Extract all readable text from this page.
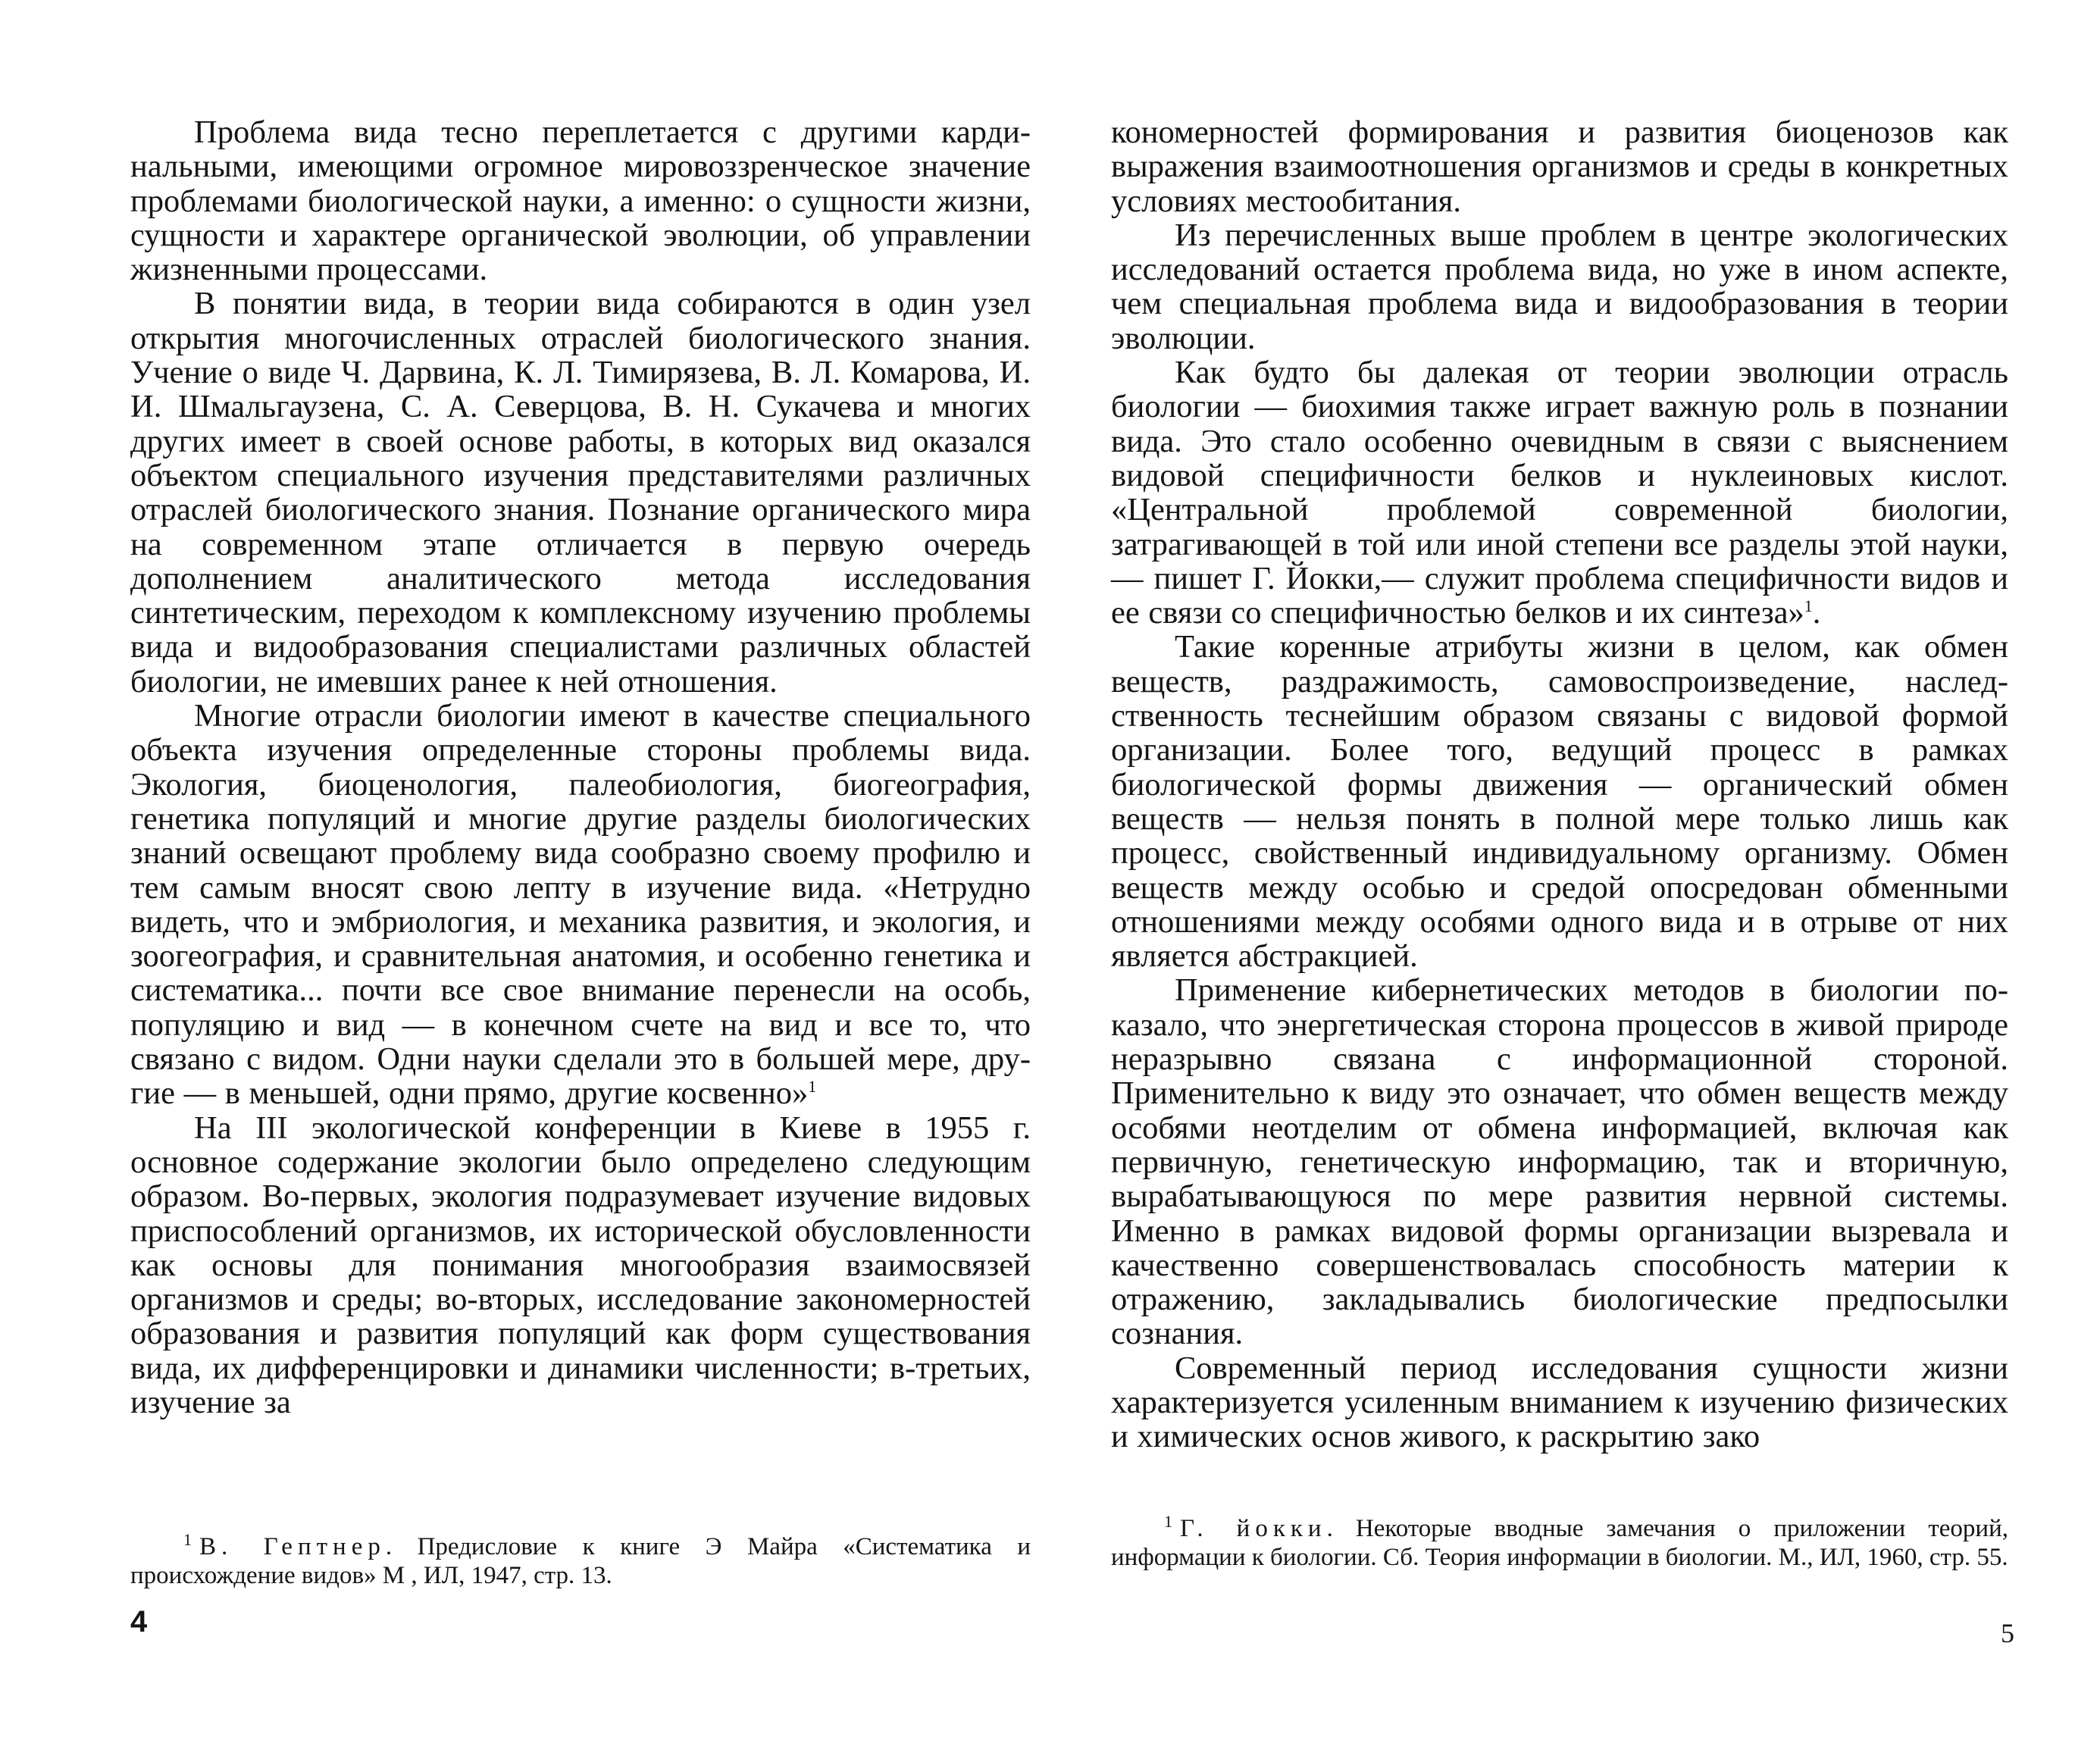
Проблема вида тесно переплетается с другими кардинальными, имеющими огромное мировоззренческое значение проблемами биологической науки, а именно: о сущности жизни, сущности и характере органической эволюции, об управлении жизненными процессами.

В понятии вида, в теории вида собираются в один узел открытия многочисленных отраслей биологического знания. Учение о виде Ч. Дарвина, К. Л. Тимирязева, В. Л. Комарова, И. И. Шмальгаузена, С. А. Северцова, В. Н. Сукачева и многих других имеет в своей основе работы, в которых вид оказался объектом специального изучения представителями различных отраслей биологического знания. Познание органического мира на современном этапе отличается в первую очередь дополнением аналитического метода исследования синтетическим, переходом к комплексному изучению проблемы вида и видообразования специалистами различных областей биологии, не имевших ранее к ней отношения.

Многие отрасли биологии имеют в качестве специального объекта изучения определенные стороны проблемы вида. Экология, биоценология, палеобиология, биогеография, генетика популяций и многие другие разделы биологических знаний освещают проблему вида сообразно своему профилю и тем самым вносят свою лепту в изучение вида. «Нетрудно видеть, что и эмбриология, и механика развития, и экология, и зоогеография, и сравнительная анатомия, и особенно генетика и систематика... почти все свое внимание перенесли на особь, популяцию и вид — в конечном счете на вид и все то, что связано с видом. Одни науки сделали это в большей мере, другие — в меньшей, одни прямо, другие косвенно»$^1$

На III экологической конференции в Киеве в 1955 г. основное содержание экологии было определено следующим образом. Во-первых, экология подразумевает изучение видовых приспособлений организмов, их исторической обусловленности как основы для понимания многообразия взаимосвязей организмов и среды; во-вторых, исследование закономерностей образования и развития популяций как форм существования вида, их дифференцировки и динамики численности; в-третьих, изучение за

$^1$ В. Гептнер. Предисловие к книге Э Майра «Систематика и происхождение видов» М , ИЛ, 1947, стр. 13.

4

кономерностей формирования и развития биоценозов как выражения взаимоотношения организмов и среды в конкретных условиях местообитания.

Из перечисленных выше проблем в центре экологических исследований остается проблема вида, но уже в ином аспекте, чем специальная проблема вида и видообразования в теории эволюции.

Как будто бы далекая от теории эволюции отрасль биологии — биохимия также играет важную роль в познании вида. Это стало особенно очевидным в связи с выяснением видовой специфичности белков и нуклеиновых кислот. «Центральной проблемой современной биологии, затрагивающей в той или иной степени все разделы этой науки,— пишет Г. Йокки,— служит проблема специфичности видов и ее связи со специфичностью белков и их синтеза»$^1$.

Такие коренные атрибуты жизни в целом, как обмен веществ, раздражимость, самовоспроизведение, наследственность теснейшим образом связаны с видовой формой организации. Более того, ведущий процесс в рамках биологической формы движения — органический обмен веществ — нельзя понять в полной мере только лишь как процесс, свойственный индивидуальному организму. Обмен веществ между особью и средой опосредован обменными отношениями между особями одного вида и в отрыве от них является абстракцией.

Применение кибернетических методов в биологии показало, что энергетическая сторона процессов в живой природе неразрывно связана с информационной стороной. Применительно к виду это означает, что обмен веществ между особями неотделим от обмена информацией, включая как первичную, генетическую информацию, так и вторичную, вырабатывающуюся по мере развития нервной системы. Именно в рамках видовой формы организации вызревала и качественно совершенствовалась способность материи к отражению, закладывались биологические предпосылки сознания.

Современный период исследования сущности жизни характеризуется усиленным вниманием к изучению физических и химических основ живого, к раскрытию зако

$^1$ Г. йокки. Некоторые вводные замечания о приложении теорий, информации к биологии. Сб. Теория информации в биологии. М., ИЛ, 1960, стр. 55.

5
